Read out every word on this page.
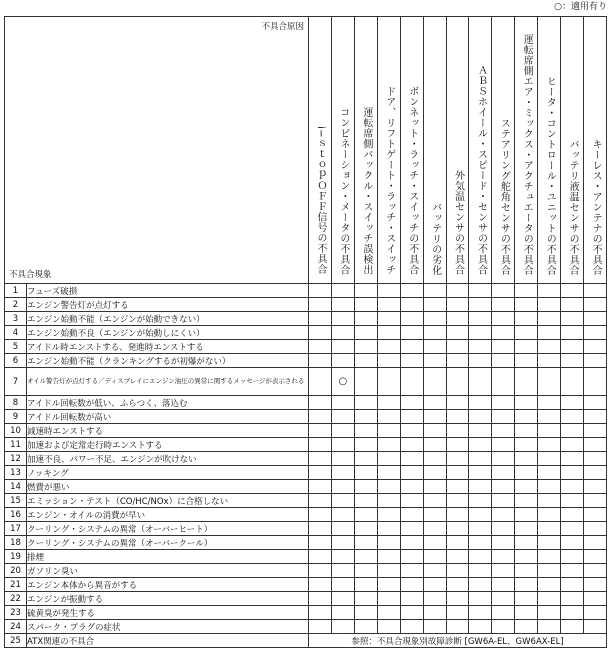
○：適用有り
不具合原因
不具合現象		i−ｓｔｏｐＯＦＦ信号の不具合	コンビネーション・メータの不具合	運転席側バックル・スイッチ誤検出	ドア、リフトゲート・ラッチ・スイッチ	ボンネット・ラッチ・スイッチの不具合	バッテリの劣化	外気温センサの不具合	ＡＢＳホイール・スピード・センサの不具合	ステアリング舵角センサの不具合	運転席側エア・ミックス・アクチュエータの不具合	ヒータ・コントロール・ユニットの不具合	バッテリ液温センサの不具合	キーレス・アンテナの不具合
1	フューズ破損													
2	エンジン警告灯が点灯する													
3	エンジン始動不能（エンジンが始動できない）													
4	エンジン始動不良（エンジンが始動しにくい）													
5	アイドル時エンストする、発進時エンストする													
6	エンジン始動不能（クランキングするが初爆がない）													
7	オイル警告灯が点灯する／ディスプレイにエンジン油圧の異常に関するメッセージが表示される		○											
8	アイドル回転数が低い、ふらつく、落込む													
9	アイドル回転数が高い													
10	減速時エンストする													
11	加速および定常走行時エンストする													
12	加速不良、パワー不足、エンジンが吹けない													
13	ノッキング													
14	燃費が悪い													
15	エミッション・テスト（CO/HC/NOx）に合格しない													
16	エンジン・オイルの消費が早い													
17	クーリング・システムの異常（オーバーヒート）													
18	クーリング・システムの異常（オーバークール）													
19	排煙													
20	ガソリン臭い													
21	エンジン本体から異音がする													
22	エンジンが振動する													
23	硫黄臭が発生する													
24	スパーク・プラグの症状													
25	ATX関連の不具合	参照：不具合現象別故障診断 [GW6A-EL、GW6AX-EL]												
